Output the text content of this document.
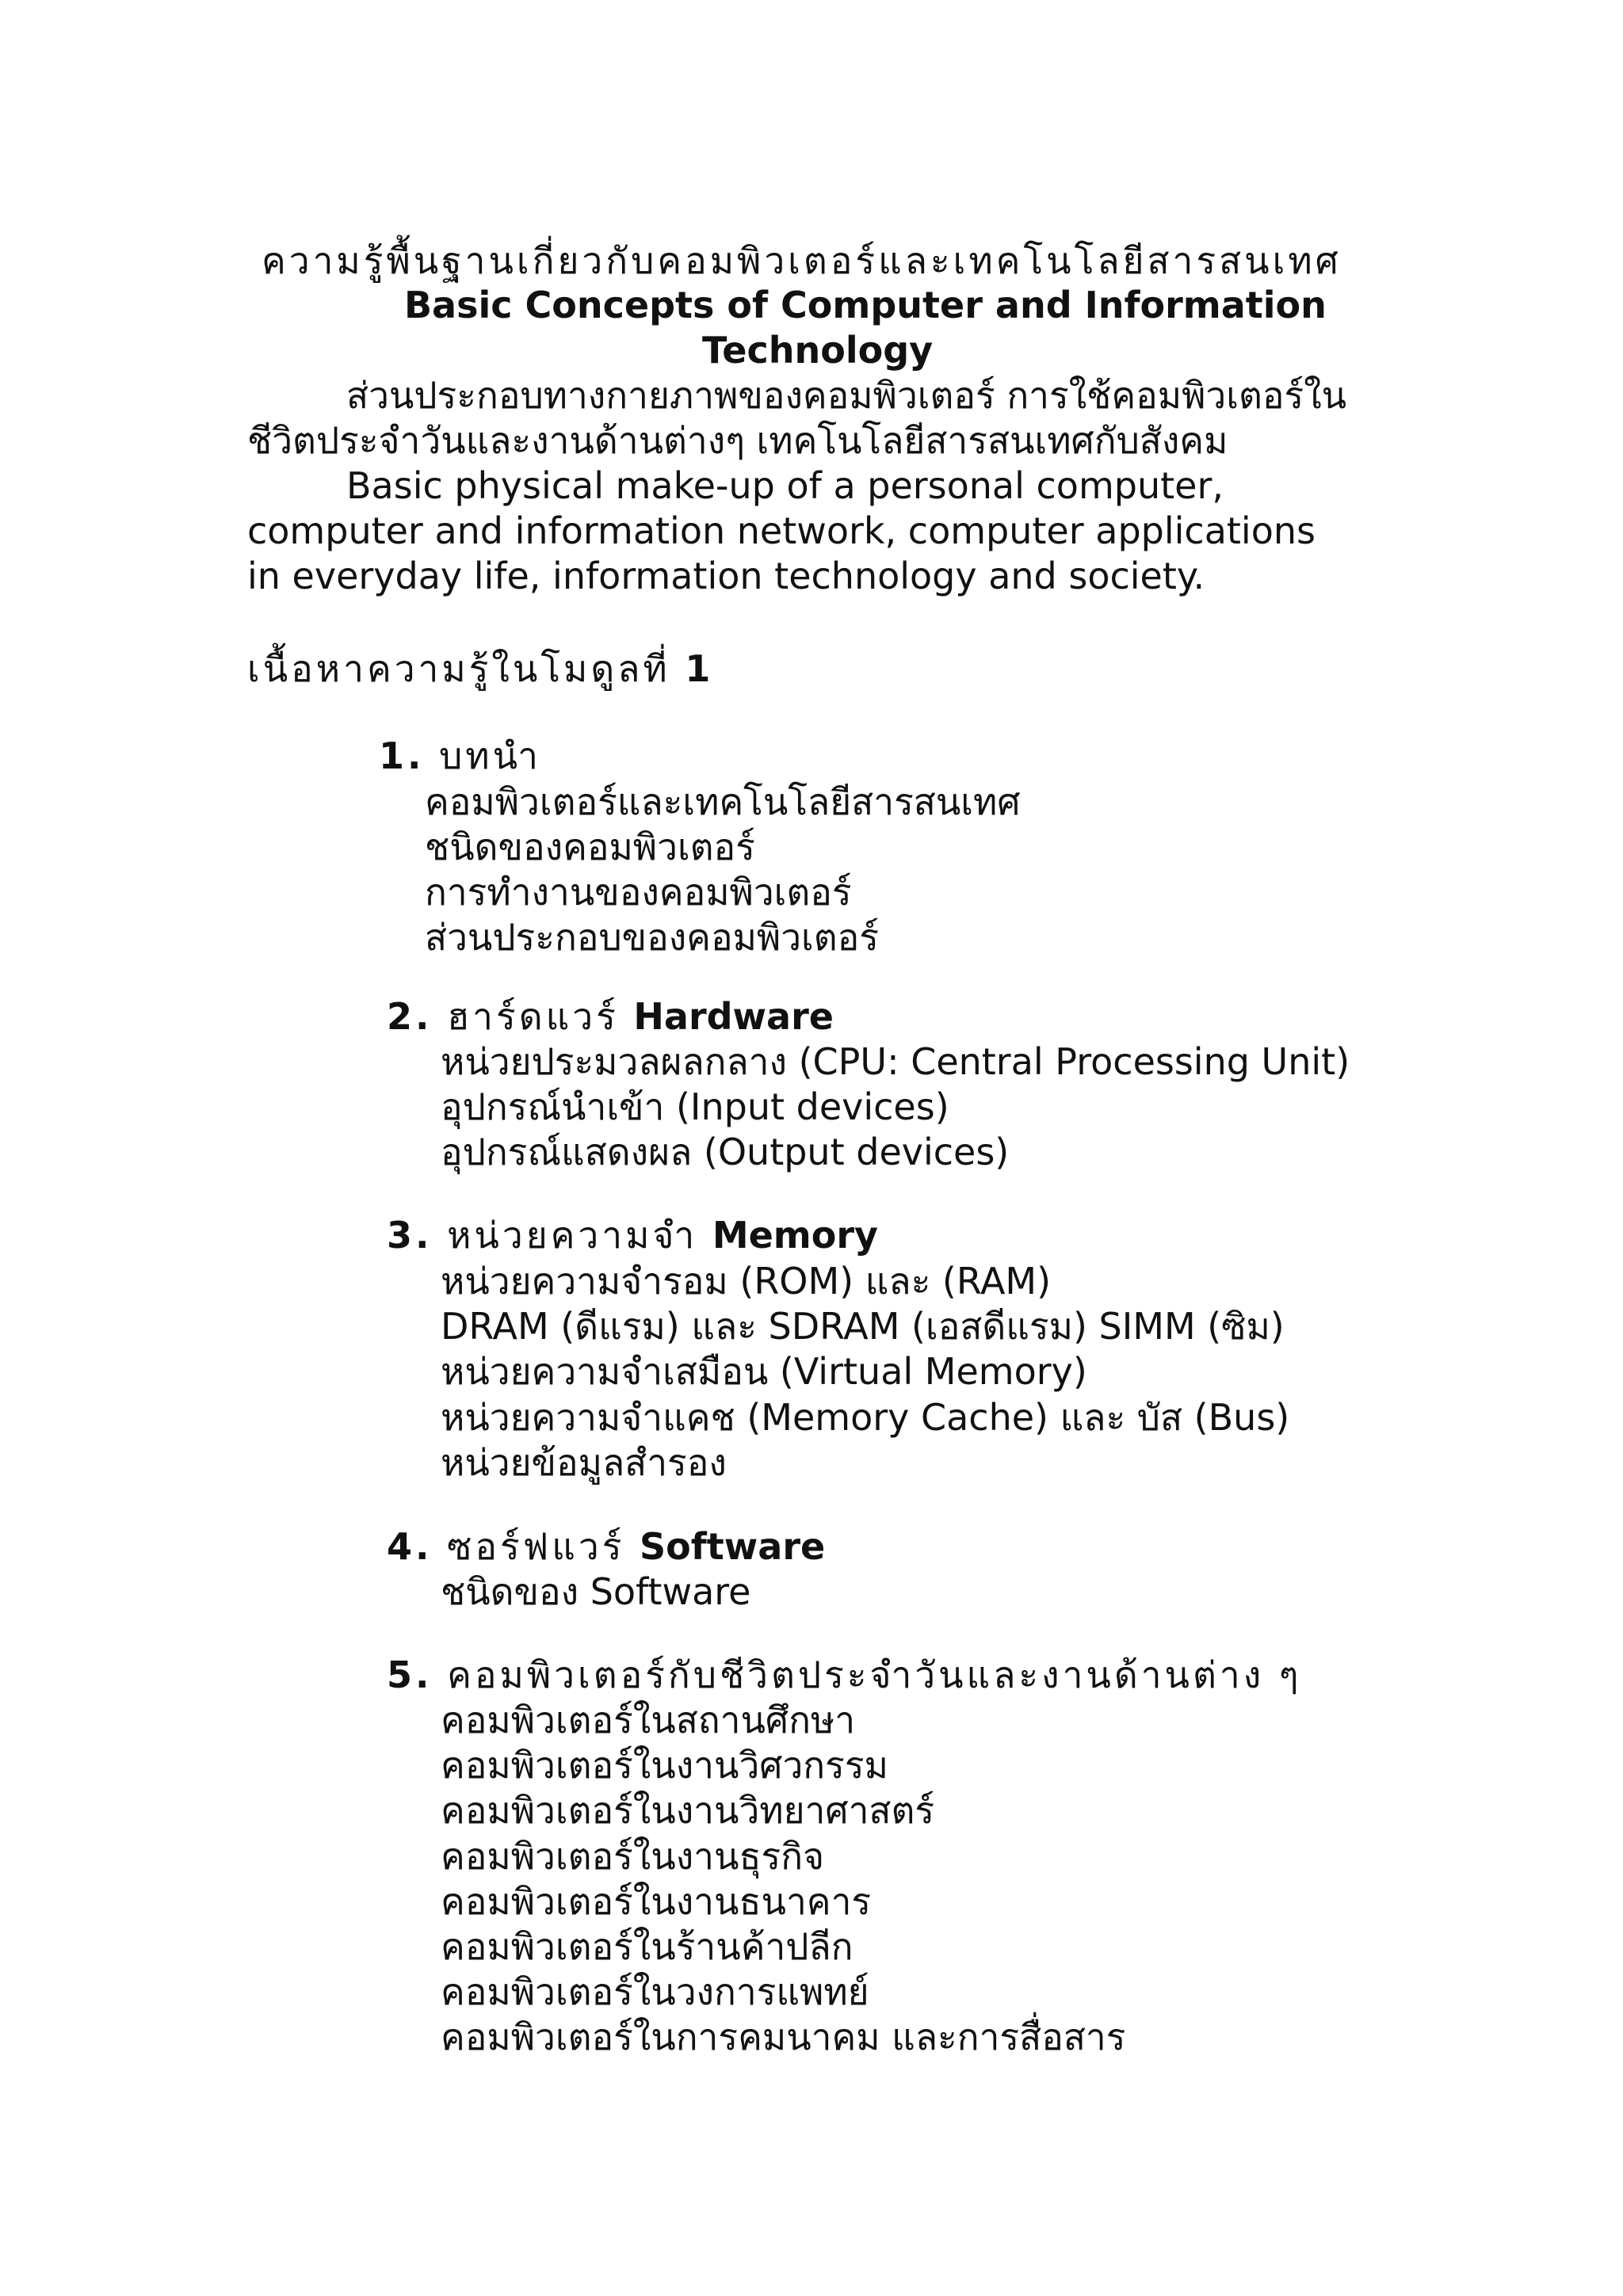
ความรู้พื้นฐานเกี่ยวกับคอมพิวเตอร์และเทคโนโลยีสารสนเทศ
Basic Concepts of Computer and Information
Technology
ส่วนประกอบทางกายภาพของคอมพิวเตอร์ การใช้คอมพิวเตอร์ใน
ชีวิตประจำวันและงานด้านต่างๆ เทคโนโลยีสารสนเทศกับสังคม
Basic physical make-up of a personal computer,
computer and information network, computer applications
in everyday life, information technology and society.
เนื้อหาความรู้ในโมดูลที่ 1
1. บทนำ
คอมพิวเตอร์และเทคโนโลยีสารสนเทศ
ชนิดของคอมพิวเตอร์
การทำงานของคอมพิวเตอร์
ส่วนประกอบของคอมพิวเตอร์
2. ฮาร์ดแวร์ Hardware
หน่วยประมวลผลกลาง (CPU: Central Processing Unit)
อุปกรณ์นำเข้า (Input devices)
อุปกรณ์แสดงผล (Output devices)
3. หน่วยความจำ Memory
หน่วยความจำรอม (ROM) และ (RAM)
DRAM (ดีแรม) และ SDRAM (เอสดีแรม) SIMM (ซิม)
หน่วยความจำเสมือน (Virtual Memory)
หน่วยความจำแคช (Memory Cache) และ บัส (Bus)
หน่วยข้อมูลสำรอง
4. ซอร์ฟแวร์ Software
ชนิดของ Software
5. คอมพิวเตอร์กับชีวิตประจำวันและงานด้านต่าง ๆ
คอมพิวเตอร์ในสถานศึกษา
คอมพิวเตอร์ในงานวิศวกรรม
คอมพิวเตอร์ในงานวิทยาศาสตร์
คอมพิวเตอร์ในงานธุรกิจ
คอมพิวเตอร์ในงานธนาคาร
คอมพิวเตอร์ในร้านค้าปลีก
คอมพิวเตอร์ในวงการแพทย์
คอมพิวเตอร์ในการคมนาคม และการสื่อสาร
